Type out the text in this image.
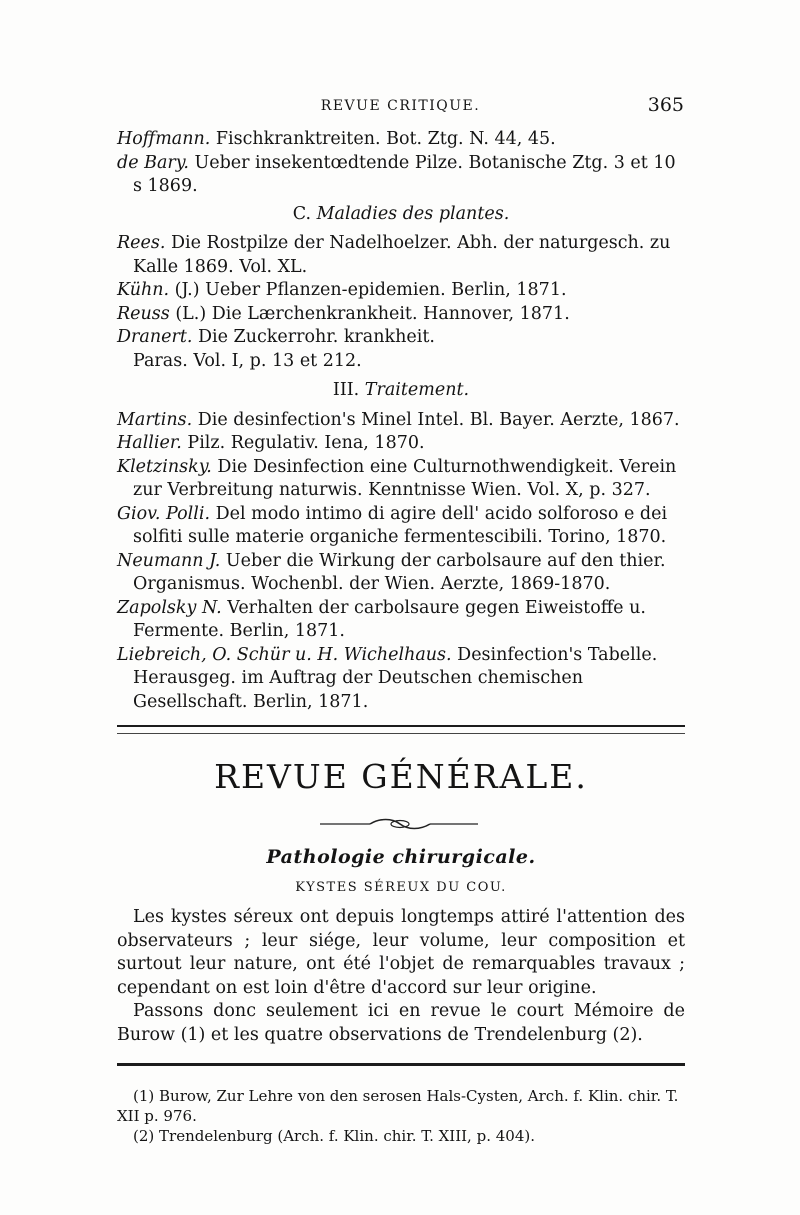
REVUE CRITIQUE.	365

Hoffmann. Fischkranktreiten. Bot. Ztg. N. 44, 45.

de Bary. Ueber insekentœdtende Pilze. Botanische Ztg. 3 et 10 s 1869.

C. Maladies des plantes.

Rees. Die Rostpilze der Nadelhoelzer. Abh. der naturgesch. zu Kalle 1869. Vol. XL.

Kühn. (J.) Ueber Pflanzen-epidemien. Berlin, 1871.

Reuss (L.) Die Lærchenkrankheit. Hannover, 1871.

Dranert. Die Zuckerrohr. krankheit.

Paras. Vol. I, p. 13 et 212.

III. Traitement.

Martins. Die desinfection's Minel Intel. Bl. Bayer. Aerzte, 1867.

Hallier. Pilz. Regulativ. Iena, 1870.

Kletzinsky. Die Desinfection eine Culturnothwendigkeit. Verein zur Verbreitung naturwis. Kenntnisse Wien. Vol. X, p. 327.

Giov. Polli. Del modo intimo di agire dell' acido solforoso e dei solfiti sulle materie organiche fermentescibili. Torino, 1870.

Neumann J. Ueber die Wirkung der carbolsaure auf den thier. Organismus. Wochenbl. der Wien. Aerzte, 1869-1870.

Zapolsky N. Verhalten der carbolsaure gegen Eiweistoffe u. Fermente. Berlin, 1871.

Liebreich, O. Schür u. H. Wichelhaus. Desinfection's Tabelle. Herausgeg. im Auftrag der Deutschen chemischen Gesellschaft. Berlin, 1871.

REVUE GÉNÉRALE.
Pathologie chirurgicale.
KYSTES SÉREUX DU COU.

Les kystes séreux ont depuis longtemps attiré l'attention des observateurs ; leur siége, leur volume, leur composition et surtout leur nature, ont été l'objet de remarquables travaux ; cependant on est loin d'être d'accord sur leur origine.

Passons donc seulement ici en revue le court Mémoire de Burow (1) et les quatre observations de Trendelenburg (2).

(1) Burow, Zur Lehre von den serosen Hals-Cysten, Arch. f. Klin. chir. T. XII p. 976.

(2) Trendelenburg (Arch. f. Klin. chir. T. XIII, p. 404).
